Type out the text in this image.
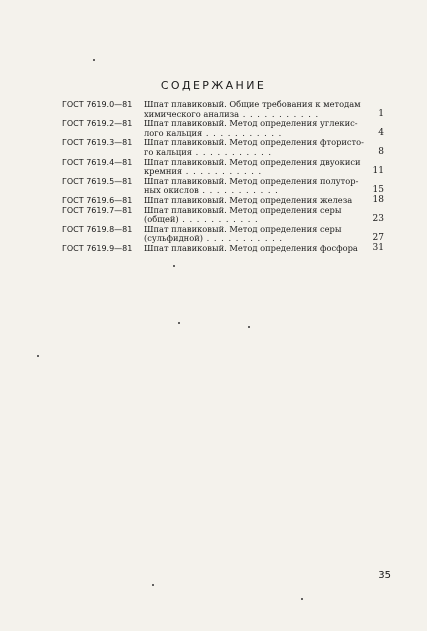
СОДЕРЖАНИЕ
ГОСТ 7619.0—81	Шпат плавиковый. Общие требования к методам
химического анализа . .	1
ГОСТ 7619.2—81	Шпат плавиковый. Метод определения углекис-
лого кальция . .	4
ГОСТ 7619.3—81	Шпат плавиковый. Метод определения фтористо-
го кальция . .	8
ГОСТ 7619.4—81	Шпат плавиковый. Метод определения двуокиси
кремния . .	11
ГОСТ 7619.5—81	Шпат плавиковый. Метод определения полутор-
ных окислов . .	15
ГОСТ 7619.6—81	Шпат плавиковый. Метод определения железа	18
ГОСТ 7619.7—81	Шпат плавиковый. Метод определения серы
(общей) . .	23
ГОСТ 7619.8—81	Шпат плавиковый. Метод определения серы
(сульфидной) . .	27
ГОСТ 7619.9—81	Шпат плавиковый. Метод определения фосфора	31
35
